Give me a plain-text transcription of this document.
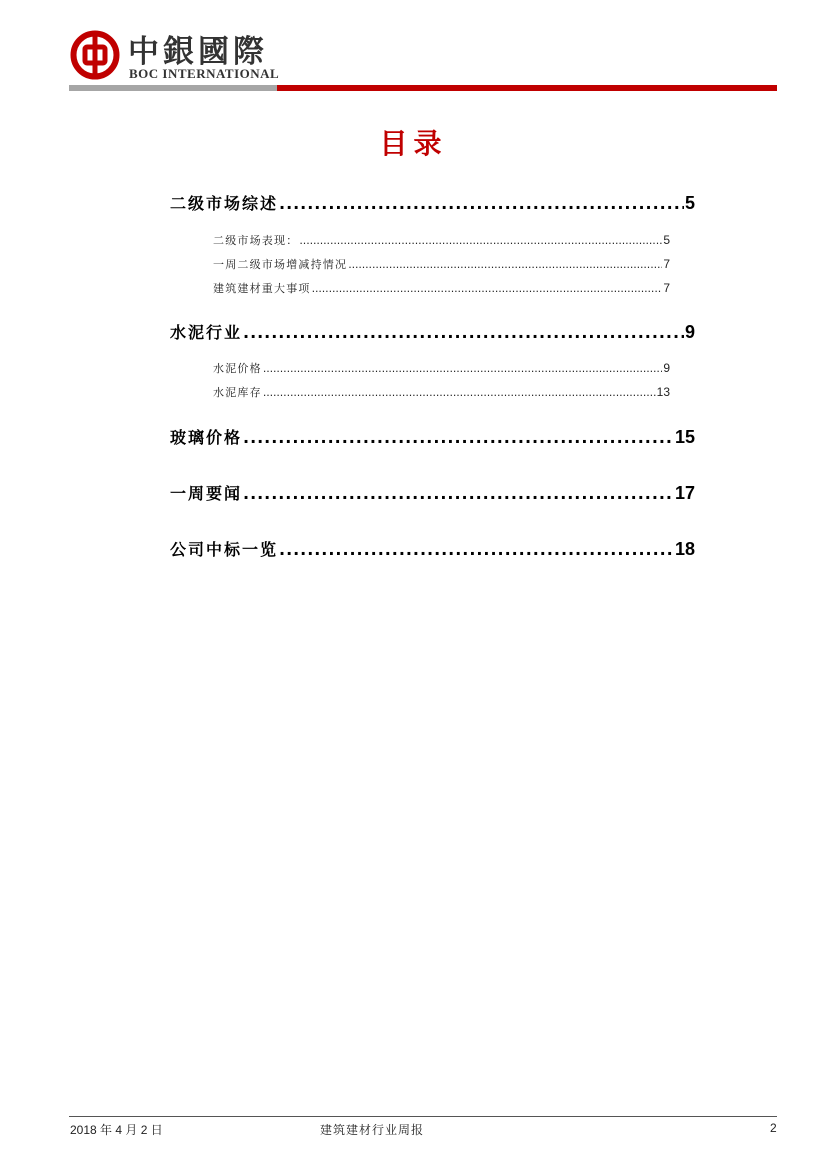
中銀國際
BOC INTERNATIONAL
目录
二级市场综述 . . .	5
二级市场表现： . . .	5
一周二级市场增减持情况 . . .	7
建筑建材重大事项 . . .	7
水泥行业 . . .	9
水泥价格 . . .	9
水泥库存 . . .	13
玻璃价格 . . .	15
一周要闻 . . .	17
公司中标一览 . . .	18
2018 年 4 月 2 日	建筑建材行业周报	2
